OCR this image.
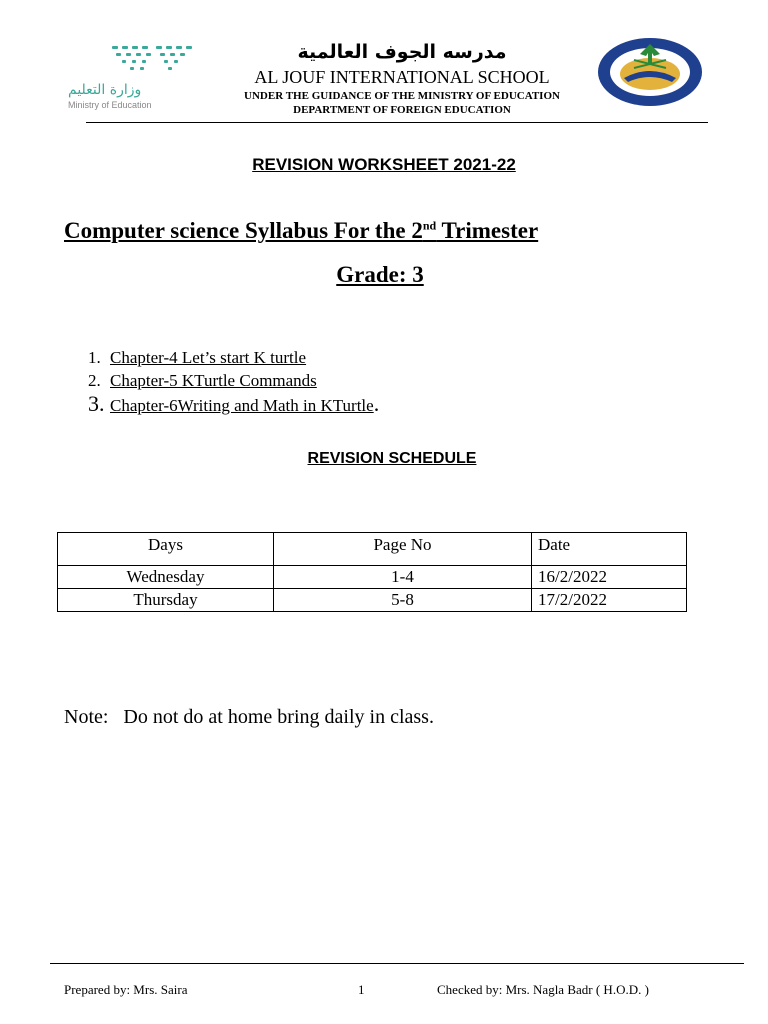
وزارة التعليم
Ministry of Education
مدرسه الجوف العالمية
AL JOUF INTERNATIONAL SCHOOL
UNDER THE GUIDANCE OF THE MINISTRY OF EDUCATION
DEPARTMENT OF FOREIGN EDUCATION
REVISION WORKSHEET 2021-22
Computer science Syllabus For the 2nd Trimester
Grade: 3
1. Chapter-4 Let’s start K turtle
2. Chapter-5 KTurtle Commands
3. Chapter-6Writing and Math in KTurtle.
REVISION SCHEDULE
Days	Page No	Date
Wednesday	1-4	16/2/2022
Thursday	5-8	17/2/2022
Note:   Do not do at home bring daily in class.
Prepared by: Mrs. Saira	1	Checked by: Mrs. Nagla Badr ( H.O.D. )
